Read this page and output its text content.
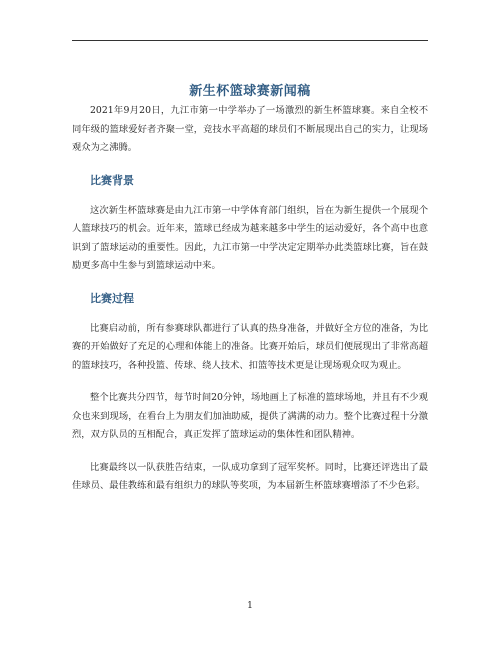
新生杯篮球赛新闻稿

2021年9月20日，九江市第一中学举办了一场激烈的新生杯篮球赛。来自全校不同年级的篮球爱好者齐聚一堂，竞技水平高超的球员们不断展现出自己的实力，让现场观众为之沸腾。

比赛背景

这次新生杯篮球赛是由九江市第一中学体育部门组织，旨在为新生提供一个展现个人篮球技巧的机会。近年来，篮球已经成为越来越多中学生的运动爱好，各个高中也意识到了篮球运动的重要性。因此，九江市第一中学决定定期举办此类篮球比赛，旨在鼓励更多高中生参与到篮球运动中来。

比赛过程

比赛启动前，所有参赛球队都进行了认真的热身准备，并做好全方位的准备，为比赛的开始做好了充足的心理和体能上的准备。比赛开始后，球员们便展现出了非常高超的篮球技巧，各种投篮、传球、绕人技术、扣篮等技术更是让现场观众叹为观止。

整个比赛共分四节，每节时间20分钟，场地画上了标准的篮球场地，并且有不少观众也来到现场，在看台上为朋友们加油助威，提供了满满的动力。整个比赛过程十分激烈，双方队员的互相配合，真正发挥了篮球运动的集体性和团队精神。

比赛最终以一队获胜告结束，一队成功拿到了冠军奖杯。同时，比赛还评选出了最佳球员、最佳教练和最有组织力的球队等奖项，为本届新生杯篮球赛增添了不少色彩。

1
